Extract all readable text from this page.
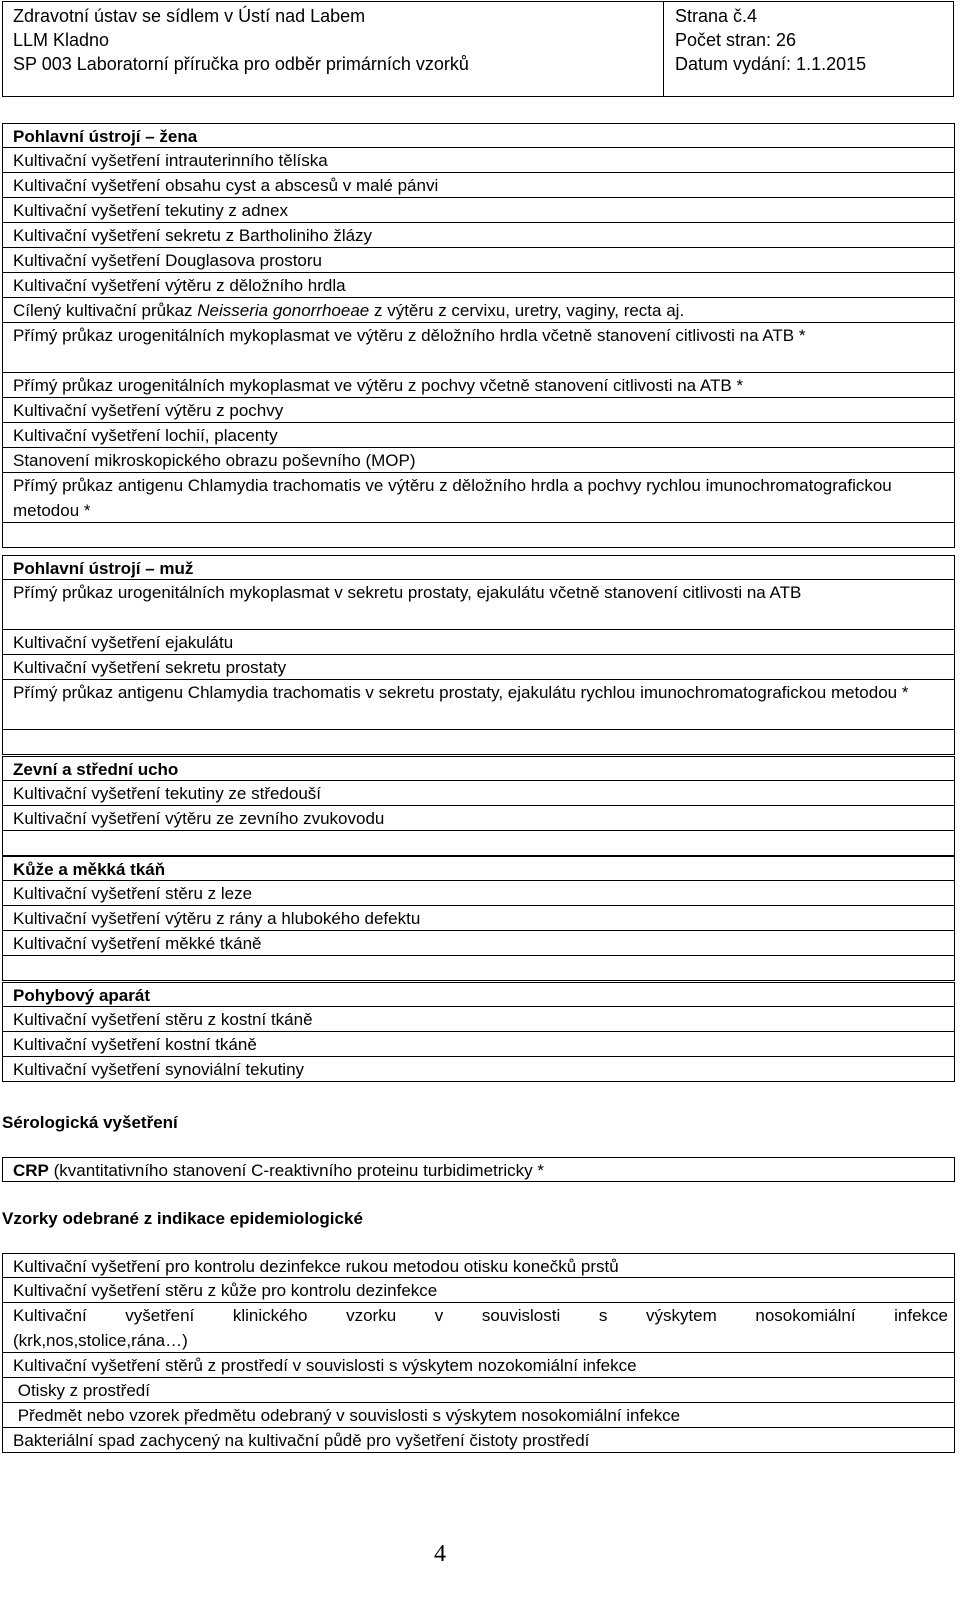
Zdravotní ústav se sídlem v Ústí nad Labem
LLM Kladno
SP 003 Laboratorní příručka pro odběr primárních vzorků
Strana č.4
Počet stran: 26
Datum vydání: 1.1.2015
Pohlavní ústrojí – žena
Kultivační vyšetření intrauterinního tělíska
Kultivační vyšetření obsahu cyst a abscesů v malé pánvi
Kultivační vyšetření tekutiny z adnex
Kultivační vyšetření sekretu z Bartholiniho žlázy
Kultivační vyšetření Douglasova prostoru
Kultivační vyšetření výtěru z děložního hrdla
Cílený kultivační průkaz Neisseria gonorrhoeae z výtěru z cervixu, uretry, vaginy, recta aj.
Přímý průkaz urogenitálních mykoplasmat ve výtěru z děložního hrdla včetně stanovení citlivosti na ATB *
Přímý průkaz urogenitálních mykoplasmat ve výtěru z pochvy včetně stanovení citlivosti na ATB *
Kultivační vyšetření výtěru z pochvy
Kultivační vyšetření lochií, placenty
Stanovení mikroskopického obrazu poševního (MOP)
Přímý průkaz antigenu Chlamydia trachomatis ve výtěru z děložního hrdla a pochvy rychlou imunochromatografickou metodou *
Pohlavní ústrojí – muž
Přímý průkaz urogenitálních mykoplasmat v sekretu prostaty, ejakulátu včetně stanovení citlivosti na ATB
Kultivační vyšetření ejakulátu
Kultivační vyšetření sekretu prostaty
Přímý průkaz antigenu Chlamydia trachomatis v sekretu prostaty, ejakulátu rychlou imunochromatografickou metodou *
Zevní a střední ucho
Kultivační vyšetření tekutiny ze středouší
Kultivační vyšetření výtěru ze zevního zvukovodu
Kůže a měkká tkáň
Kultivační vyšetření stěru z leze
Kultivační vyšetření výtěru z rány a hlubokého defektu
Kultivační vyšetření měkké tkáně
Pohybový aparát
Kultivační vyšetření stěru z kostní tkáně
Kultivační vyšetření kostní tkáně
Kultivační vyšetření synoviální tekutiny
Sérologická vyšetření
CRP (kvantitativního stanovení C-reaktivního proteinu turbidimetricky *
Vzorky odebrané z indikace epidemiologické
Kultivační vyšetření pro kontrolu dezinfekce rukou metodou otisku konečků prstů
Kultivační vyšetření stěru z kůže pro kontrolu dezinfekce
Kultivační vyšetření klinického vzorku v souvislosti s výskytem nosokomiální infekce (krk,nos,stolice,rána…)
Kultivační vyšetření stěrů z prostředí v souvislosti s výskytem nozokomiální infekce
Otisky z prostředí
Předmět nebo vzorek předmětu odebraný v souvislosti s výskytem nosokomiální infekce
Bakteriální spad zachycený na kultivační půdě pro vyšetření čistoty prostředí
4
